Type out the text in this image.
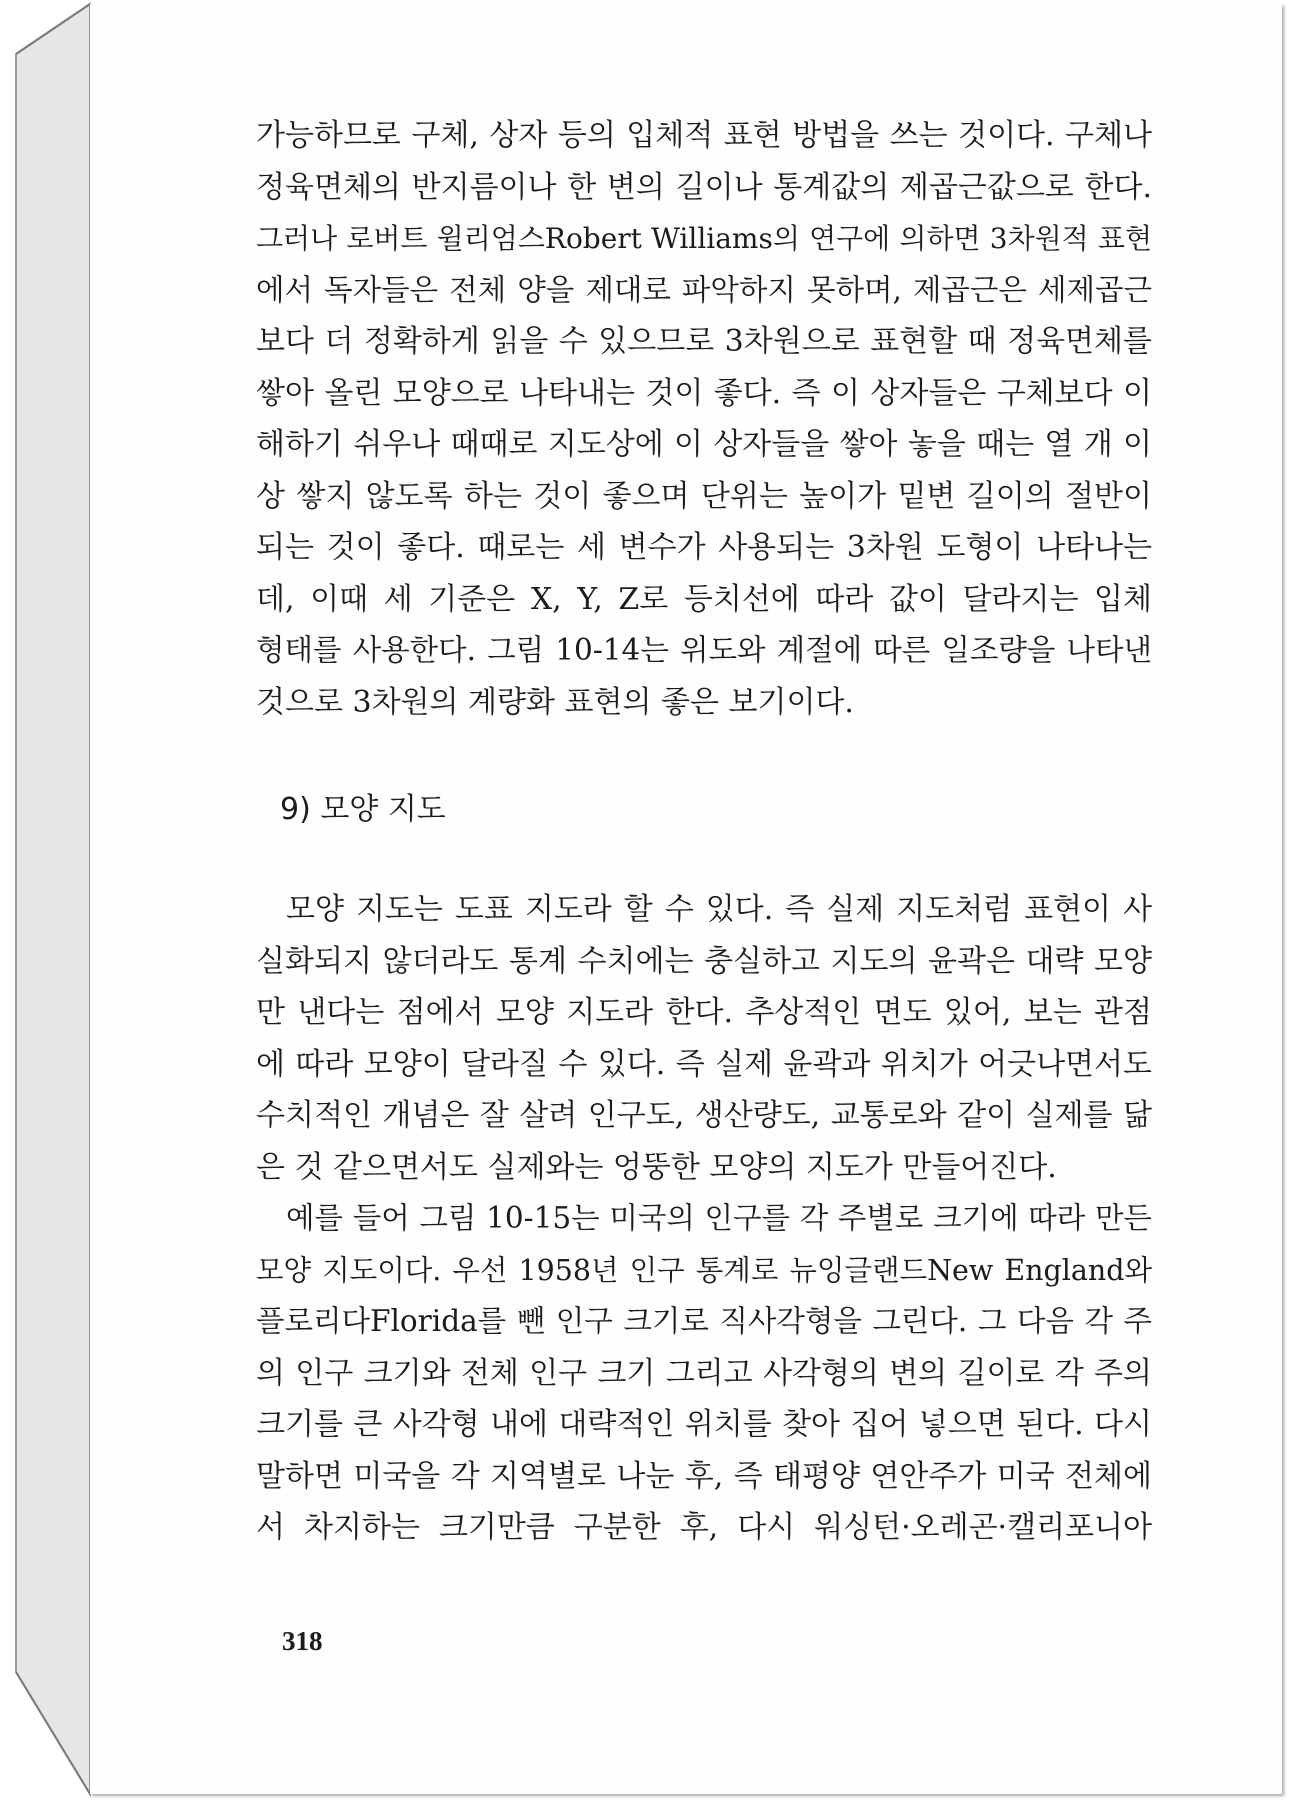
가능하므로 구체, 상자 등의 입체적 표현 방법을 쓰는 것이다. 구체나
정육면체의 반지름이나 한 변의 길이나 통계값의 제곱근값으로 한다.
그러나 로버트 윌리엄스Robert Williams의 연구에 의하면 3차원적 표현
에서 독자들은 전체 양을 제대로 파악하지 못하며, 제곱근은 세제곱근
보다 더 정확하게 읽을 수 있으므로 3차원으로 표현할 때 정육면체를
쌓아 올린 모양으로 나타내는 것이 좋다. 즉 이 상자들은 구체보다 이
해하기 쉬우나 때때로 지도상에 이 상자들을 쌓아 놓을 때는 열 개 이
상 쌓지 않도록 하는 것이 좋으며 단위는 높이가 밑변 길이의 절반이
되는 것이 좋다. 때로는 세 변수가 사용되는 3차원 도형이 나타나는
데, 이때 세 기준은 X, Y, Z로 등치선에 따라 값이 달라지는 입체
형태를 사용한다. 그림 10-14는 위도와 계절에 따른 일조량을 나타낸
것으로 3차원의 계량화 표현의 좋은 보기이다.
9) 모양 지도
모양 지도는 도표 지도라 할 수 있다. 즉 실제 지도처럼 표현이 사
실화되지 않더라도 통계 수치에는 충실하고 지도의 윤곽은 대략 모양
만 낸다는 점에서 모양 지도라 한다. 추상적인 면도 있어, 보는 관점
에 따라 모양이 달라질 수 있다. 즉 실제 윤곽과 위치가 어긋나면서도
수치적인 개념은 잘 살려 인구도, 생산량도, 교통로와 같이 실제를 닮
은 것 같으면서도 실제와는 엉뚱한 모양의 지도가 만들어진다.
예를 들어 그림 10-15는 미국의 인구를 각 주별로 크기에 따라 만든
모양 지도이다. 우선 1958년 인구 통계로 뉴잉글랜드New England와
플로리다Florida를 뺀 인구 크기로 직사각형을 그린다. 그 다음 각 주
의 인구 크기와 전체 인구 크기 그리고 사각형의 변의 길이로 각 주의
크기를 큰 사각형 내에 대략적인 위치를 찾아 집어 넣으면 된다. 다시
말하면 미국을 각 지역별로 나눈 후, 즉 태평양 연안주가 미국 전체에
서 차지하는 크기만큼 구분한 후, 다시 워싱턴·오레곤·캘리포니아
318
